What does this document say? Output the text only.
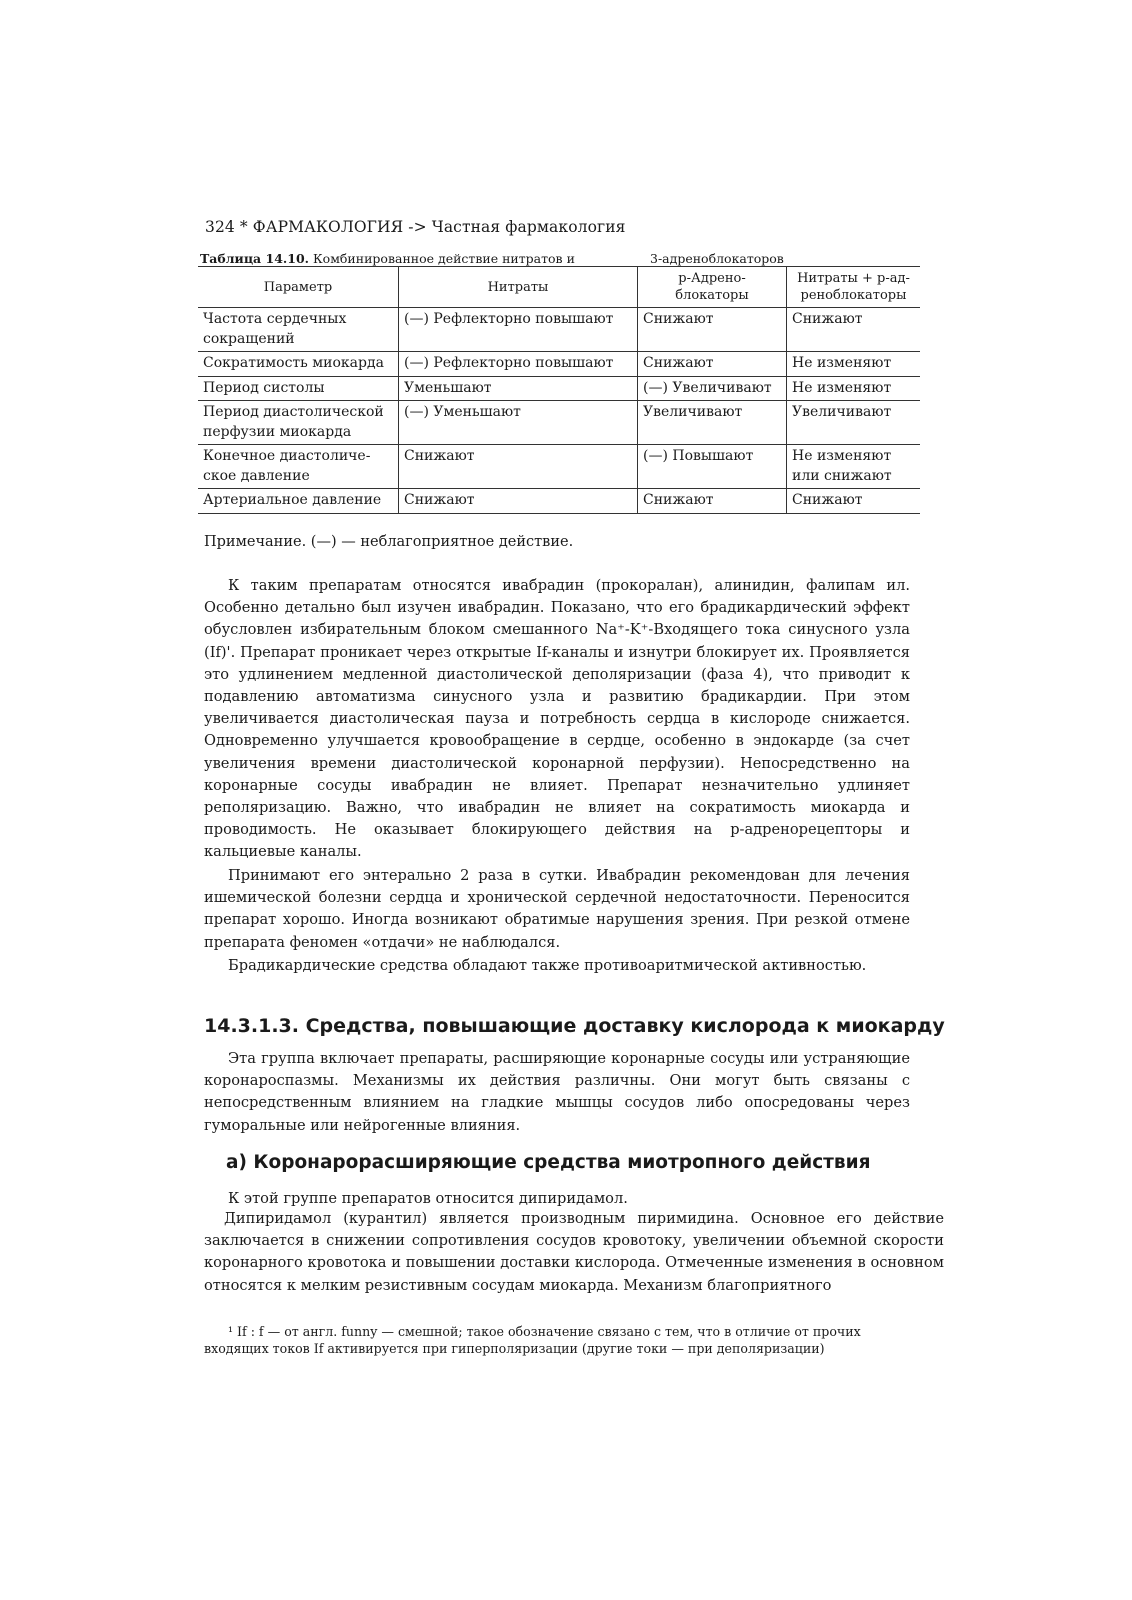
324 * ФАРМАКОЛОГИЯ -> Частная фармакология
Таблица 14.10. Комбинированное действие нитратов и	3-адреноблокаторов
Параметр	Нитраты	р-Адрено-блокаторы	Нитраты + р-ад-реноблокаторы
Частота сердечных сокращений	(—) Рефлекторно повышают	Снижают	Снижают
Сократимость миокарда	(—) Рефлекторно повышают	Снижают	Не изменяют
Период систолы	Уменьшают	(—) Увеличивают	Не изменяют
Период диастолической перфузии миокарда	(—) Уменьшают	Увеличивают	Увеличивают
Конечное диастоличе-ское давление	Снижают	(—) Повышают	Не изменяют или снижают
Артериальное давление	Снижают	Снижают	Снижают
Примечание. (—) — неблагоприятное действие.

К таким препаратам относятся ивабрадин (прокоралан), алинидин, фалипам ил. Особенно детально был изучен ивабрадин. Показано, что его брадикардический эффект обусловлен избирательным блоком смешанного Na⁺-K⁺-Входящего тока синусного узла (If)'. Препарат проникает через открытые If-каналы и изнутри блокирует их. Проявляется это удлинением медленной диастолической деполяризации (фаза 4), что приводит к подавлению автоматизма синусного узла и развитию брадикардии. При этом увеличивается диастолическая пауза и потребность сердца в кислороде снижается. Одновременно улучшается кровообращение в сердце, особенно в эндокарде (за счет увеличения времени диастолической коронарной перфузии). Непосредственно на коронарные сосуды ивабрадин не влияет. Препарат незначительно удлиняет реполяризацию. Важно, что ивабрадин не влияет на сократимость миокарда и проводимость. Не оказывает блокирующего действия на р-адренорецепторы и кальциевые каналы.

Принимают его энтерально 2 раза в сутки. Ивабрадин рекомендован для лечения ишемической болезни сердца и хронической сердечной недостаточности. Переносится препарат хорошо. Иногда возникают обратимые нарушения зрения. При резкой отмене препарата феномен «отдачи» не наблюдался.

Брадикардические средства обладают также противоаритмической активностью.

14.3.1.3. Средства, повышающие доставку кислорода к миокарду

Эта группа включает препараты, расширяющие коронарные сосуды или устраняющие коронароспазмы. Механизмы их действия различны. Они могут быть связаны с непосредственным влиянием на гладкие мышцы сосудов либо опосредованы через гуморальные или нейрогенные влияния.

а) Коронарорасширяющие средства миотропного действия

К этой группе препаратов относится дипиридамол.

Дипиридамол (курантил) является производным пиримидина. Основное его действие заключается в снижении сопротивления сосудов кровотоку, увеличении объемной скорости коронарного кровотока и повышении доставки кислорода. Отмеченные изменения в основном относятся к мелким резистивным сосудам миокарда. Механизм благоприятного

¹ If : f — от англ. funny — смешной; такое обозначение связано с тем, что в отличие от прочих

входящих токов If активируется при гиперполяризации (другие токи — при деполяризации)
